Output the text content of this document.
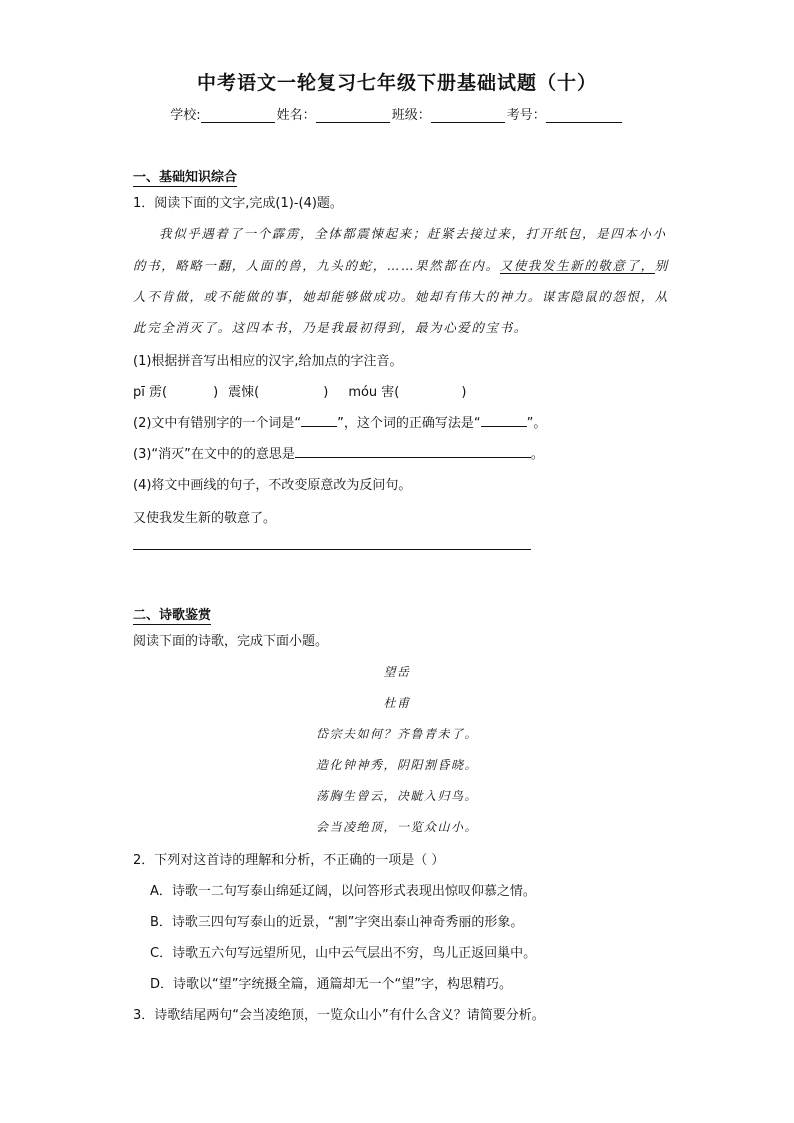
中考语文一轮复习七年级下册基础试题（十）
学校:	姓名：	班级：	考号：
一、基础知识综合
1．阅读下面的文字,完成(1)-(4)题。
我似乎遇着了一个霹雳，全体都震悚起来；赶紧去接过来，打开纸包，是四本小小
的书，略略一翻，人面的兽，九头的蛇，……果然都在内。又使我发生新的敬意了，别
人不肯做，或不能做的事，她却能够做成功。她却有伟大的神力。谋害隐鼠的怨恨，从
此完全消灭了。这四本书，乃是我最初得到，最为心爱的宝书。
(1)根据拼音写出相应的汉字,给加点的字注音。
pī 雳(	) 震悚(	) móu 害(	)
(2)文中有错别字的一个词是“	”，这个词的正确写法是“	”。
(3)“消灭”在文中的的意思是	。
(4)将文中画线的句子，不改变原意改为反问句。
又使我发生新的敬意了。
二、诗歌鉴赏
阅读下面的诗歌，完成下面小题。
望岳
杜甫
岱宗夫如何？齐鲁青未了。
造化钟神秀，阴阳割昏晓。
荡胸生曾云，决眦入归鸟。
会当凌绝顶，一览众山小。
2．下列对这首诗的理解和分析，不正确的一项是（ ）
A．诗歌一二句写泰山绵延辽阔，以问答形式表现出惊叹仰慕之情。
B．诗歌三四句写泰山的近景，“割”字突出泰山神奇秀丽的形象。
C．诗歌五六句写远望所见，山中云气层出不穷，鸟儿正返回巢中。
D．诗歌以“望”字统摄全篇，通篇却无一个“望”字，构思精巧。
3．诗歌结尾两句“会当凌绝顶，一览众山小”有什么含义？请简要分析。
